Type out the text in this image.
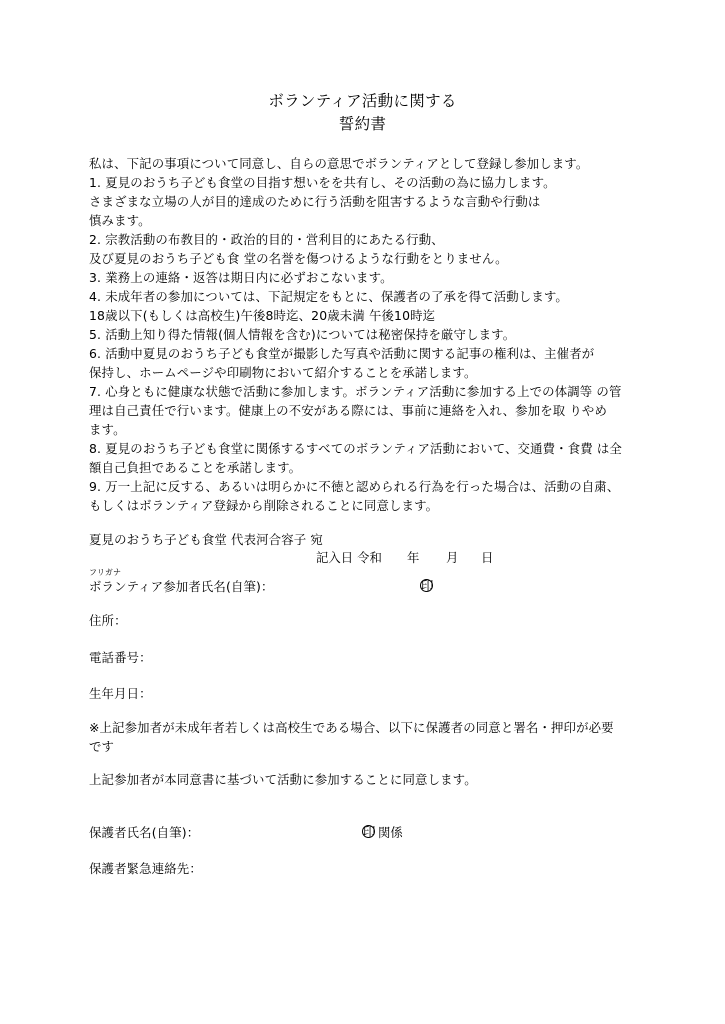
ボランティア活動に関する
誓約書
私は、下記の事項について同意し、自らの意思でボランティアとして登録し参加します。
1. 夏見のおうち子ども食堂の目指す想いをを共有し、その活動の為に協力します。
さまざまな立場の人が目的達成のために行う活動を阻害するような言動や行動は
慎みます。
2. 宗教活動の布教目的・政治的目的・営利目的にあたる行動、
及び夏見のおうち子ども食 堂の名誉を傷つけるような行動をとりません。
3. 業務上の連絡・返答は期日内に必ずおこないます。
4. 未成年者の参加については、下記規定をもとに、保護者の了承を得て活動します。
18歳以下(もしくは高校生)午後8時迄、20歳未満 午後10時迄
5. 活動上知り得た情報(個人情報を含む)については秘密保持を厳守します。
6. 活動中夏見のおうち子ども食堂が撮影した写真や活動に関する記事の権利は、主催者が
保持し、ホームページや印刷物において紹介することを承諾します。
7. 心身ともに健康な状態で活動に参加します。ボランティア活動に参加する上での体調等 の管
理は自己責任で行います。健康上の不安がある際には、事前に連絡を入れ、参加を取 りやめ
ます。
8. 夏見のおうち子ども食堂に関係するすべてのボランティア活動において、交通費・食費 は全
額自己負担であることを承諾します。
9. 万一上記に反する、あるいは明らかに不徳と認められる行為を行った場合は、活動の自粛、
もしくはボランティア登録から削除されることに同意します。
夏見のおうち子ども食堂 代表河合容子 宛
記入日 令和 年 月 日
フリガナ
ボランティア参加者氏名(自筆)：	印
住所：
電話番号：
生年月日：
※上記参加者が未成年者若しくは高校生である場合、以下に保護者の同意と署名・押印が必要
です
上記参加者が本同意書に基づいて活動に参加することに同意します。
保護者氏名(自筆)：	印 関係
保護者緊急連絡先：
